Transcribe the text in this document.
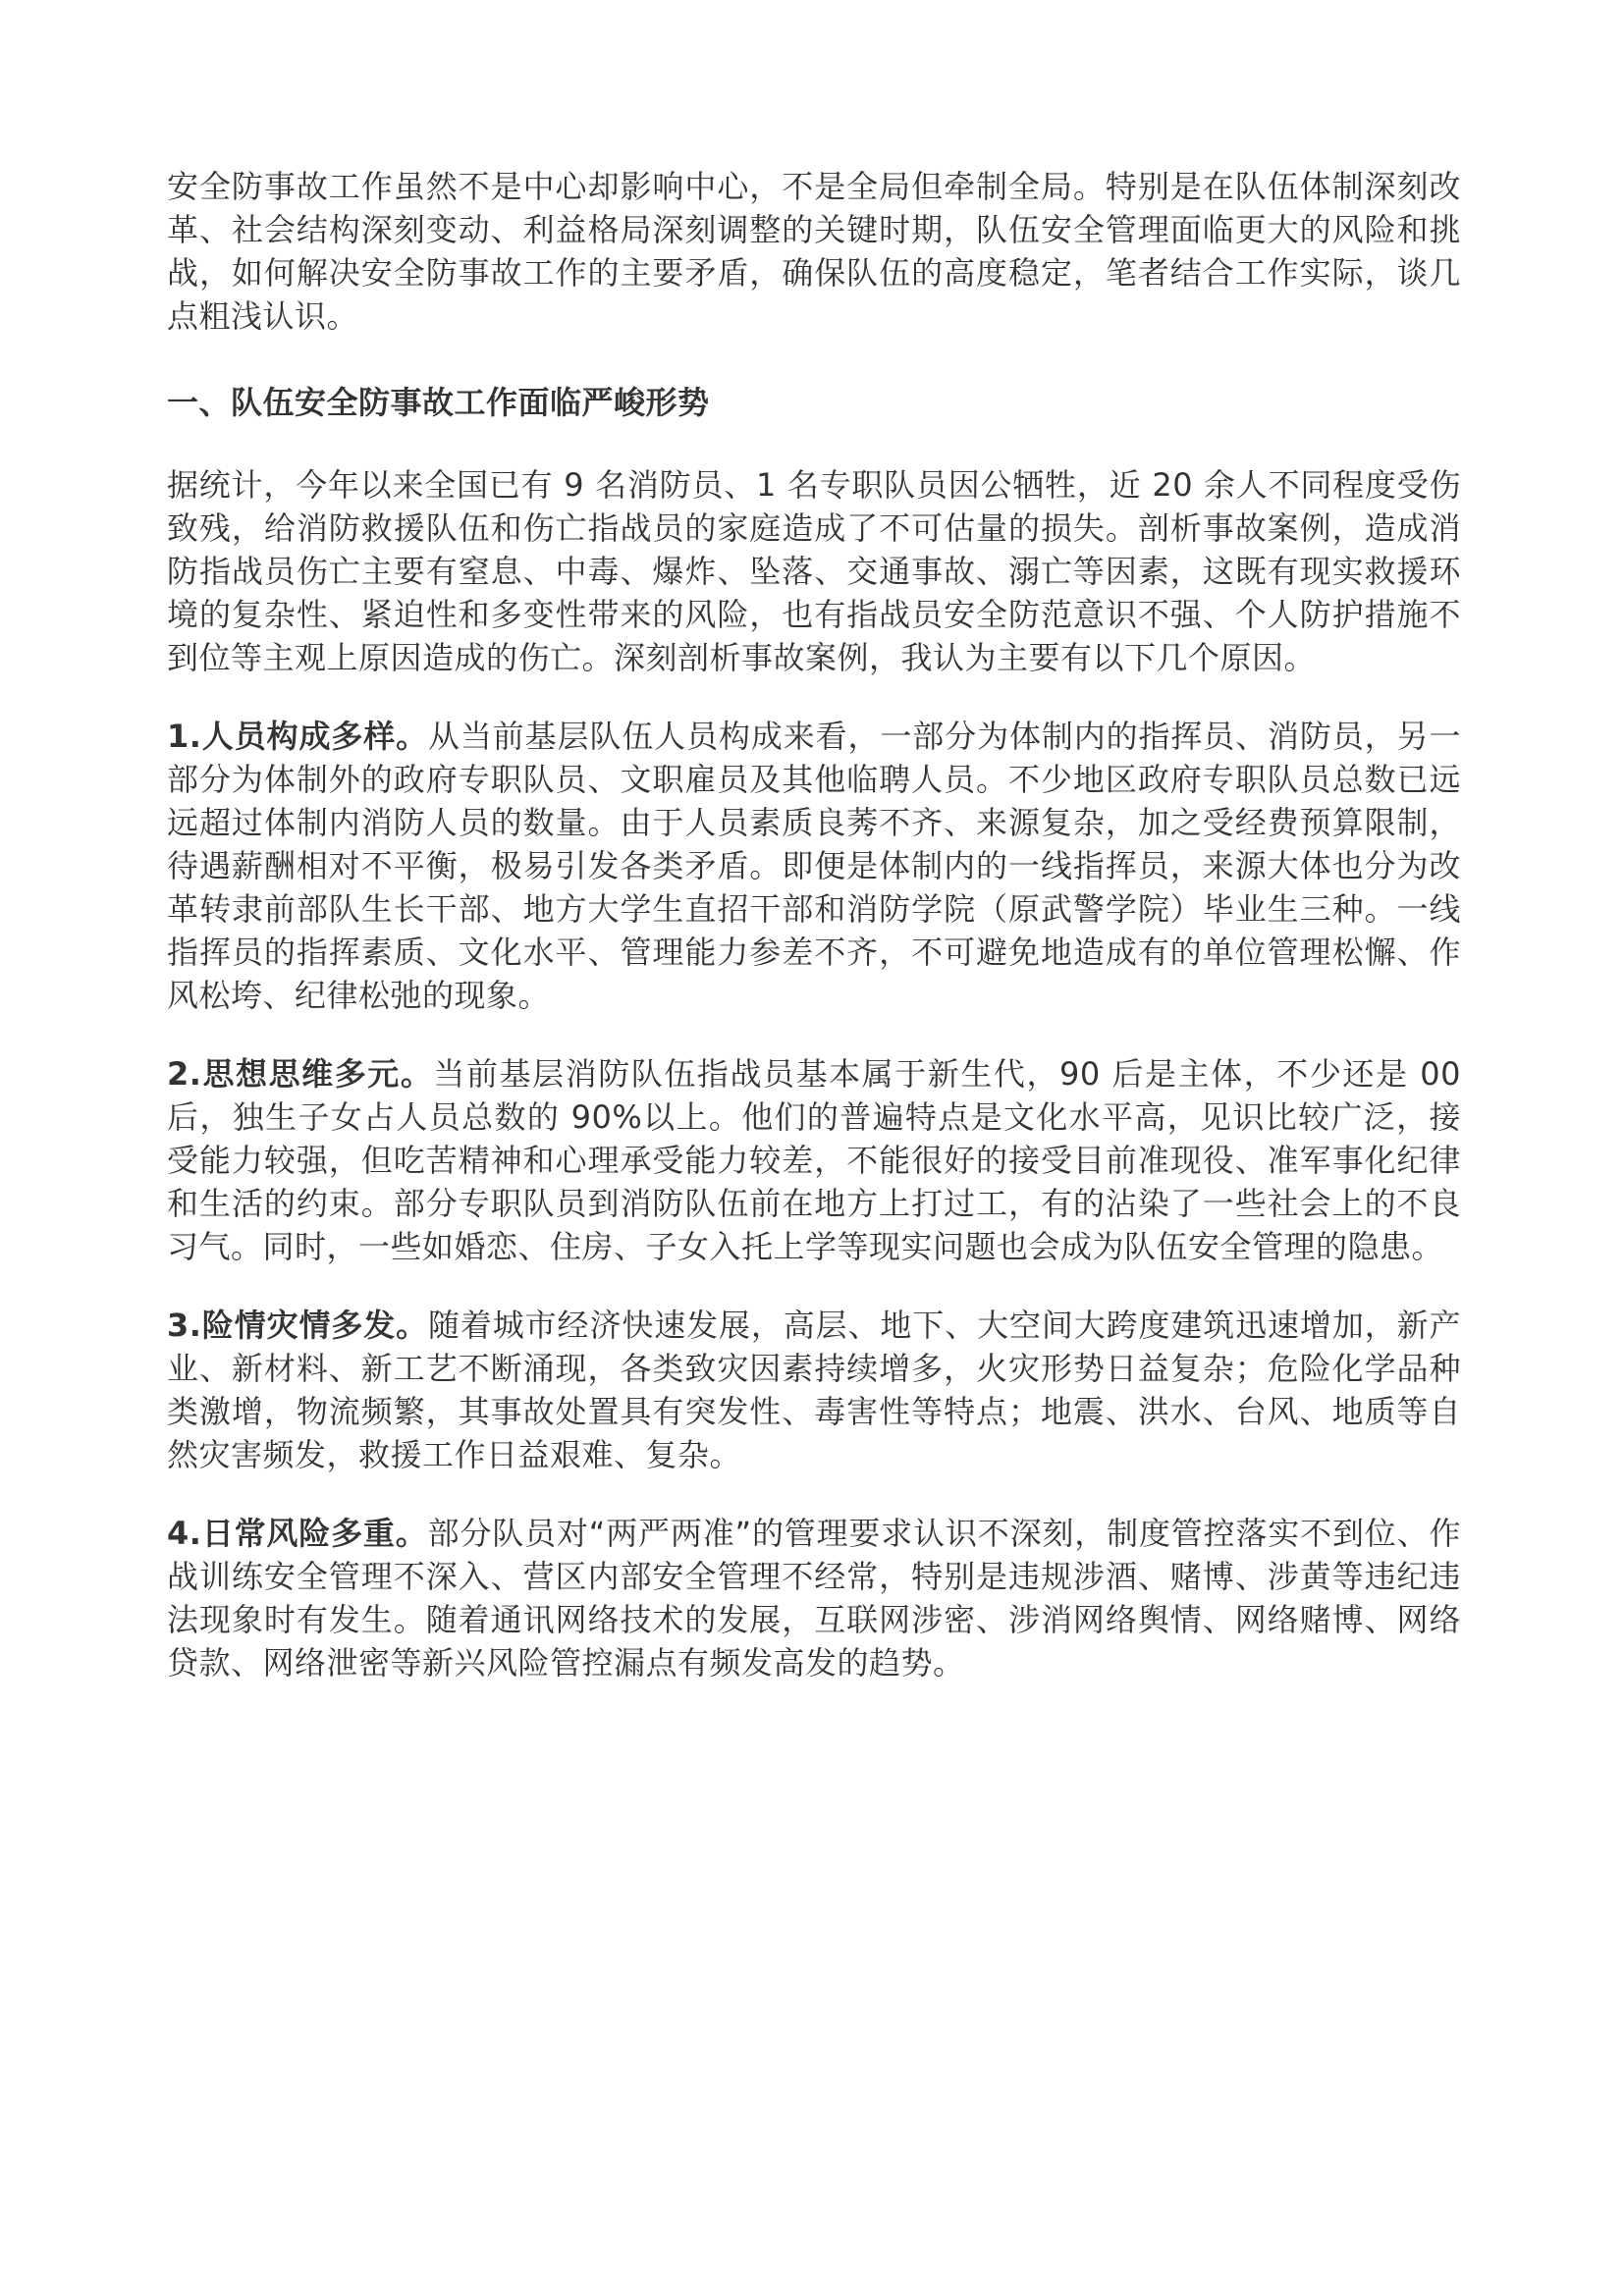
安全防事故工作虽然不是中心却影响中心，不是全局但牵制全局。特别是在队伍体制深刻改革、社会结构深刻变动、利益格局深刻调整的关键时期，队伍安全管理面临更大的风险和挑战，如何解决安全防事故工作的主要矛盾，确保队伍的高度稳定，笔者结合工作实际，谈几点粗浅认识。

一、队伍安全防事故工作面临严峻形势

据统计，今年以来全国已有 9 名消防员、1 名专职队员因公牺牲，近 20 余人不同程度受伤致残，给消防救援队伍和伤亡指战员的家庭造成了不可估量的损失。剖析事故案例，造成消防指战员伤亡主要有窒息、中毒、爆炸、坠落、交通事故、溺亡等因素，这既有现实救援环境的复杂性、紧迫性和多变性带来的风险，也有指战员安全防范意识不强、个人防护措施不到位等主观上原因造成的伤亡。深刻剖析事故案例，我认为主要有以下几个原因。

1.人员构成多样。从当前基层队伍人员构成来看，一部分为体制内的指挥员、消防员，另一部分为体制外的政府专职队员、文职雇员及其他临聘人员。不少地区政府专职队员总数已远远超过体制内消防人员的数量。由于人员素质良莠不齐、来源复杂，加之受经费预算限制，待遇薪酬相对不平衡，极易引发各类矛盾。即便是体制内的一线指挥员，来源大体也分为改革转隶前部队生长干部、地方大学生直招干部和消防学院（原武警学院）毕业生三种。一线指挥员的指挥素质、文化水平、管理能力参差不齐，不可避免地造成有的单位管理松懈、作风松垮、纪律松弛的现象。

2.思想思维多元。当前基层消防队伍指战员基本属于新生代，90 后是主体，不少还是 00 后，独生子女占人员总数的 90%以上。他们的普遍特点是文化水平高，见识比较广泛，接受能力较强，但吃苦精神和心理承受能力较差，不能很好的接受目前准现役、准军事化纪律和生活的约束。部分专职队员到消防队伍前在地方上打过工，有的沾染了一些社会上的不良习气。同时，一些如婚恋、住房、子女入托上学等现实问题也会成为队伍安全管理的隐患。

3.险情灾情多发。随着城市经济快速发展，高层、地下、大空间大跨度建筑迅速增加，新产业、新材料、新工艺不断涌现，各类致灾因素持续增多，火灾形势日益复杂；危险化学品种类激增，物流频繁，其事故处置具有突发性、毒害性等特点；地震、洪水、台风、地质等自然灾害频发，救援工作日益艰难、复杂。

4.日常风险多重。部分队员对“两严两准”的管理要求认识不深刻，制度管控落实不到位、作战训练安全管理不深入、营区内部安全管理不经常，特别是违规涉酒、赌博、涉黄等违纪违法现象时有发生。随着通讯网络技术的发展，互联网涉密、涉消网络舆情、网络赌博、网络贷款、网络泄密等新兴风险管控漏点有频发高发的趋势。
